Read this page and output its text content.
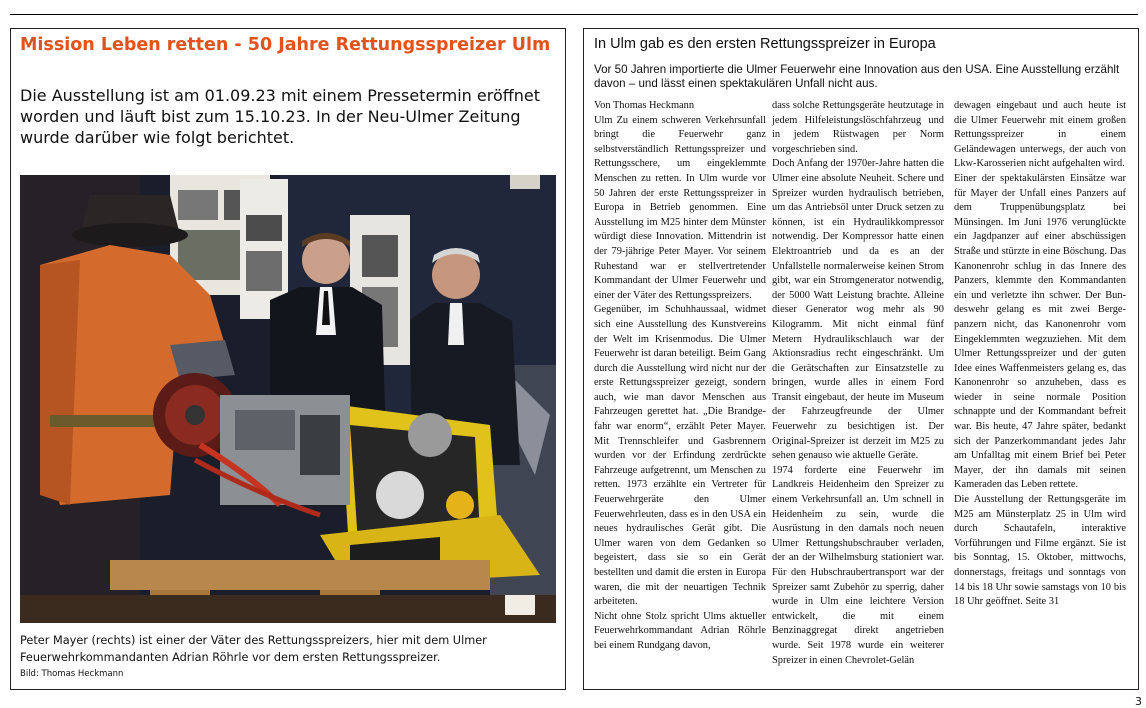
Mission Leben retten - 50 Jahre Rettungsspreizer Ulm

Die Ausstellung ist am 01.09.23 mit einem Pressetermin eröffnet worden und läuft bist zum 15.10.23. In der Neu-Ulmer Zeitung wurde darüber wie folgt berichtet.

Peter Mayer (rechts) ist einer der Väter des Rettungsspreizers, hier mit dem Ulmer Feuerwehrkommandanten Adrian Röhrle vor dem ersten Rettungsspreizer.

Bild: Thomas Heckmann

In Ulm gab es den ersten Rettungsspreizer in Europa

Vor 50 Jahren importierte die Ulmer Feuerwehr eine Innovation aus den USA. Eine Ausstellung erzählt davon – und lässt einen spektakulären Unfall nicht aus.

Von Thomas Heckmann

Ulm Zu einem schweren Verkehrsunfall bringt die Feuerwehr ganz selbstverständlich Rettungsspreizer und Rettungsschere, um eingeklemmte Menschen zu retten. In Ulm wurde vor 50 Jahren der erste Rettungsspreizer in Europa in Betrieb genommen. Eine Ausstellung im M25 hinter dem Münster würdigt diese Innovation. Mittendrin ist der 79-jährige Peter Mayer. Vor seinem Ruhestand war er stellvertretender Kommandant der Ulmer Feuerwehr und einer der Väter des Rettungsspreizers.

Gegenüber, im Schuhhaussaal, widmet sich eine Ausstellung des Kunstvereins der Welt im Krisenmodus. Die Ulmer Feuerwehr ist daran beteiligt. Beim Gang durch die Ausstellung wird nicht nur der erste Rettungsspreizer gezeigt, sondern auch, wie man davor Menschen aus Fahrzeugen gerettet hat. „Die Brandgefahr war enorm“, erzählt Peter Mayer. Mit Trennschleifer und Gasbrennern wurden vor der Erfindung zerdrückte Fahrzeuge aufgetrennt, um Menschen zu retten. 1973 erzählte ein Vertreter für Feuerwehrgeräte den Ulmer Feuerwehrleuten, dass es in den USA ein neues hydraulisches Gerät gibt. Die Ulmer waren von dem Gedanken so begeistert, dass sie so ein Gerät bestellten und damit die ersten in Europa waren, die mit der neuartigen Technik arbeiteten.

Nicht ohne Stolz spricht Ulms aktueller Feuerwehrkommandant Adrian Röhrle bei einem Rundgang davon,

dass solche Rettungsgeräte heutzutage in jedem Hilfeleistungslöschfahrzeug und in jedem Rüstwagen per Norm vorgeschrieben sind.

Doch Anfang der 1970er-Jahre hatten die Ulmer eine absolute Neuheit. Schere und Spreizer wurden hydraulisch betrieben, um das Antriebsöl unter Druck setzen zu können, ist ein Hydraulikkompressor notwendig. Der Kompressor hatte einen Elektroantrieb und da es an der Unfallstelle normalerweise keinen Strom gibt, war ein Stromgenerator notwendig, der 5000 Watt Leistung brachte. Alleine dieser Generator wog mehr als 90 Kilogramm. Mit nicht einmal fünf Metern Hydraulikschlauch war der Aktionsradius recht eingeschränkt. Um die Gerätschaften zur Einsatzstelle zu bringen, wurde alles in einem Ford Transit eingebaut, der heute im Museum der Fahrzeugfreunde der Ulmer Feuerwehr zu besichtigen ist. Der Original-Spreizer ist derzeit im M25 zu sehen genauso wie aktuelle Geräte.

1974 forderte eine Feuerwehr im Landkreis Heidenheim den Spreizer zu einem Verkehrsunfall an. Um schnell in Heidenheim zu sein, wurde die Ausrüstung in den damals noch neuen Ulmer Rettungshubschrauber verladen, der an der Wilhelmsburg stationiert war. Für den Hubschraubertransport war der Spreizer samt Zubehör zu sperrig, daher wurde in Ulm eine leichtere Version entwickelt, die mit einem Benzinaggregat direkt angetrieben wurde. Seit 1978 wurde ein weiterer Spreizer in einen Chevrolet-Gelän

dewagen eingebaut und auch heute ist die Ulmer Feuerwehr mit einem großen Rettungsspreizer in einem Geländewagen unterwegs, der auch von Lkw-Karosserien nicht aufgehalten wird.

Einer der spektakulärsten Einsätze war für Mayer der Unfall eines Panzers auf dem Truppenübungsplatz bei Münsingen. Im Juni 1976 verunglückte ein Jagdpanzer auf einer abschüssigen Straße und stürzte in eine Böschung. Das Kanonenrohr schlug in das Innere des Panzers, klemmte den Kommandanten ein und verletzte ihn schwer. Der Bundeswehr gelang es mit zwei Bergepanzern nicht, das Kanonenrohr vom Eingeklemmten wegzuziehen. Mit dem Ulmer Rettungsspreizer und der guten Idee eines Waffenmeisters gelang es, das Kanonenrohr so anzuheben, dass es wieder in seine normale Position schnappte und der Kommandant befreit war. Bis heute, 47 Jahre später, bedankt sich der Panzerkommandant jedes Jahr am Unfalltag mit einem Brief bei Peter Mayer, der ihn damals mit seinen Kameraden das Leben rettete.

Die Ausstellung der Rettungsgeräte im M25 am Münsterplatz 25 in Ulm wird durch Schautafeln, interaktive Vorführungen und Filme ergänzt. Sie ist bis Sonntag, 15. Oktober, mittwochs, donnerstags, freitags und sonntags von 14 bis 18 Uhr sowie samstags von 10 bis 18 Uhr geöffnet. Seite 31

3
